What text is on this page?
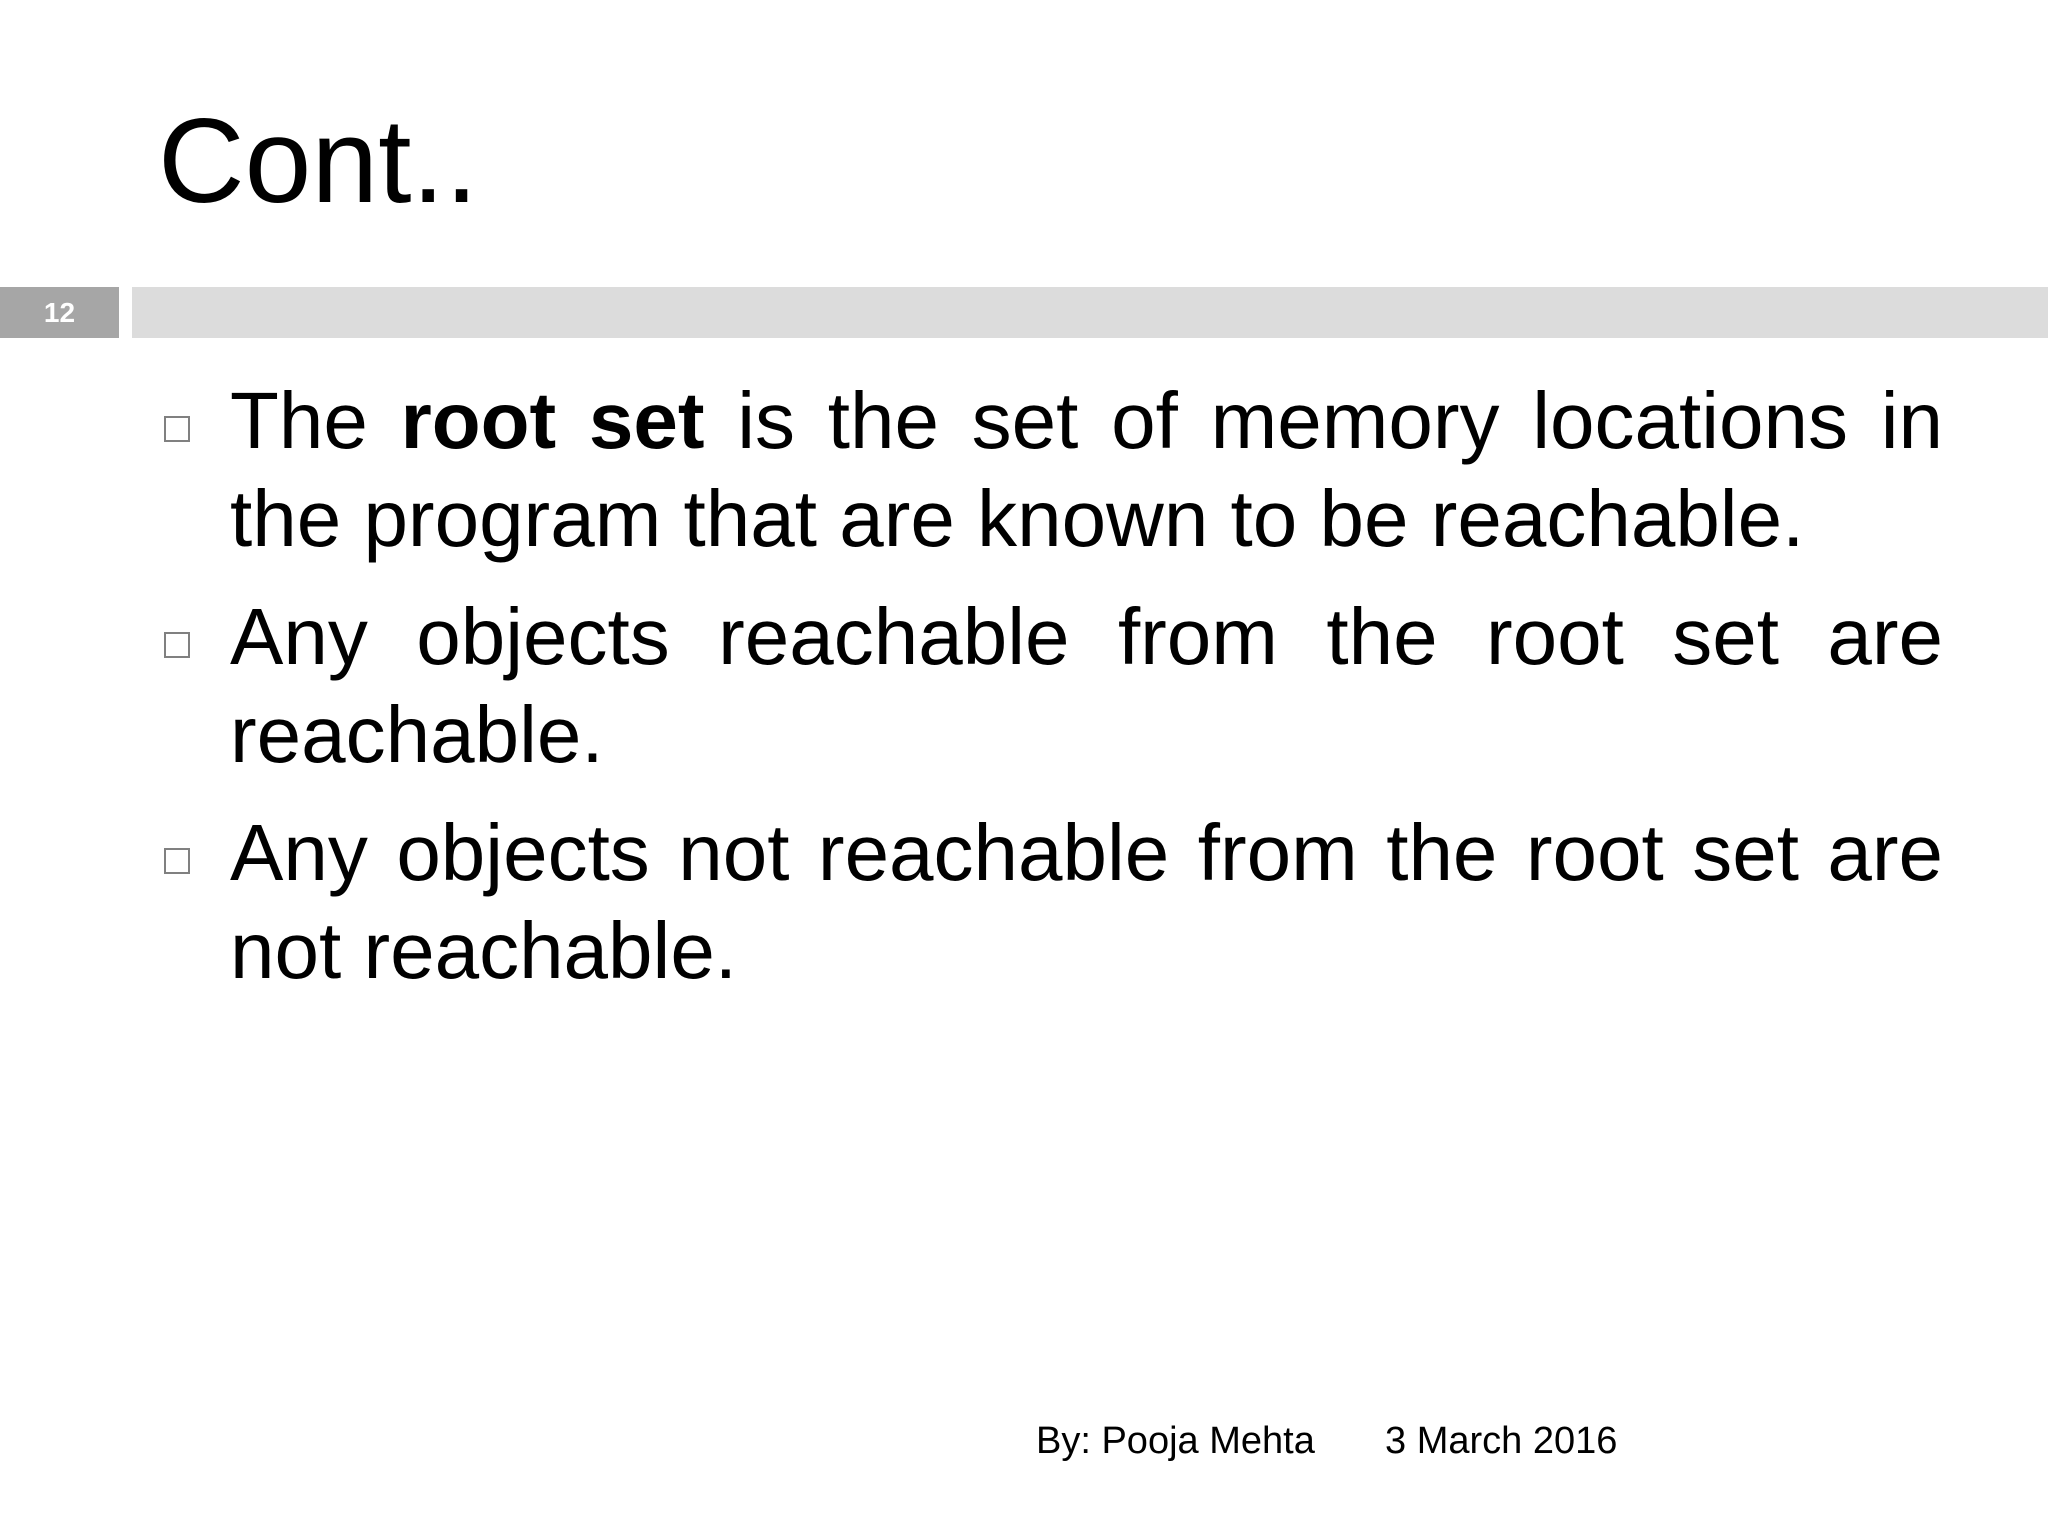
Cont..
12
The root set is the set of memory locations in the program that are known to be reachable.
Any objects reachable from the root set are reachable.
Any objects not reachable from the root set are not reachable.
By: Pooja Mehta 3 March 2016
